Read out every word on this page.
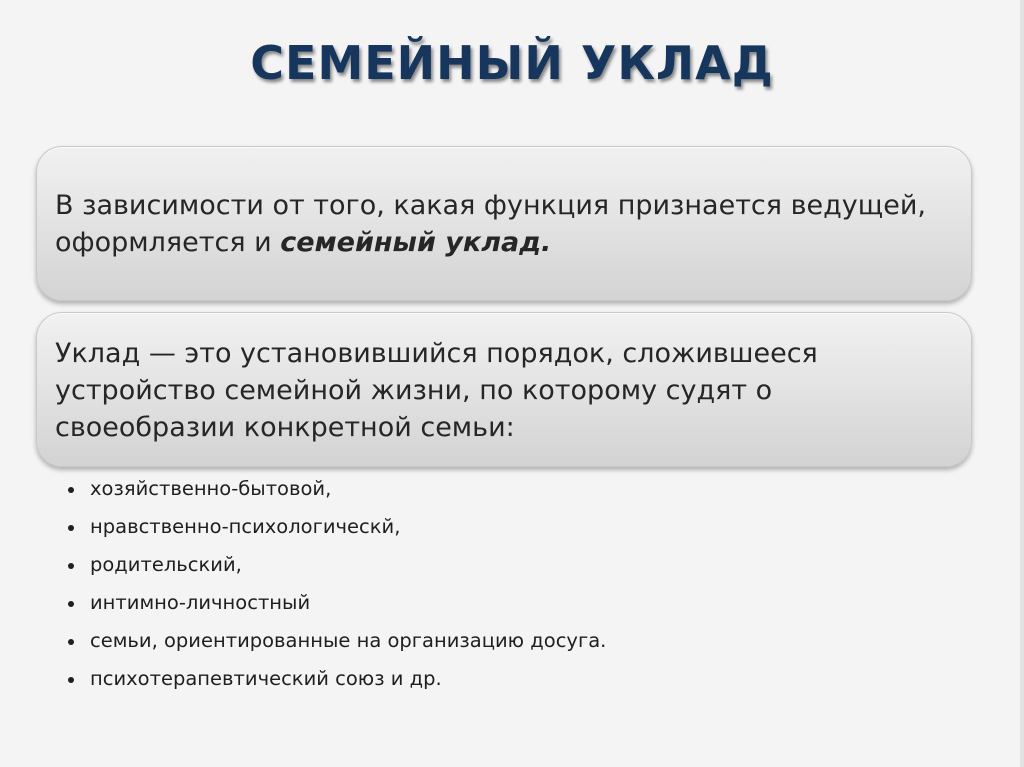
СЕМЕЙНЫЙ УКЛАД
В зависимости от того, какая функция признается ведущей,
оформляется и семейный уклад.
Уклад — это установившийся порядок, сложившееся
устройство семейной жизни, по которому судят о
своеобразии конкретной семьи:
хозяйственно-бытовой,
нравственно-психологическй,
родительский,
интимно-личностный
семьи, ориентированные на организацию досуга.
психотерапевтический союз и др.
